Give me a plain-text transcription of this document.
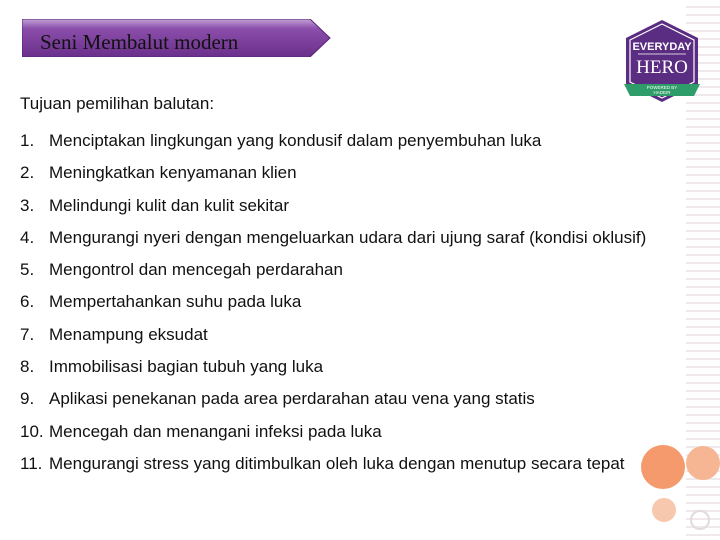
Seni Membalut modern	EVERYDAY
HERO
POWERED BY
HADEIR
Tujuan pemilihan balutan:
1. Menciptakan lingkungan yang kondusif dalam penyembuhan luka
2. Meningkatkan kenyamanan klien
3. Melindungi kulit dan kulit sekitar
4. Mengurangi nyeri dengan mengeluarkan udara dari ujung saraf (kondisi oklusif)
5. Mengontrol dan mencegah perdarahan
6. Mempertahankan suhu pada luka
7. Menampung eksudat
8. Immobilisasi bagian tubuh yang luka
9. Aplikasi penekanan pada area perdarahan atau vena yang statis
10. Mencegah dan menangani infeksi pada luka
11. Mengurangi stress yang ditimbulkan oleh luka dengan menutup secara tepat
